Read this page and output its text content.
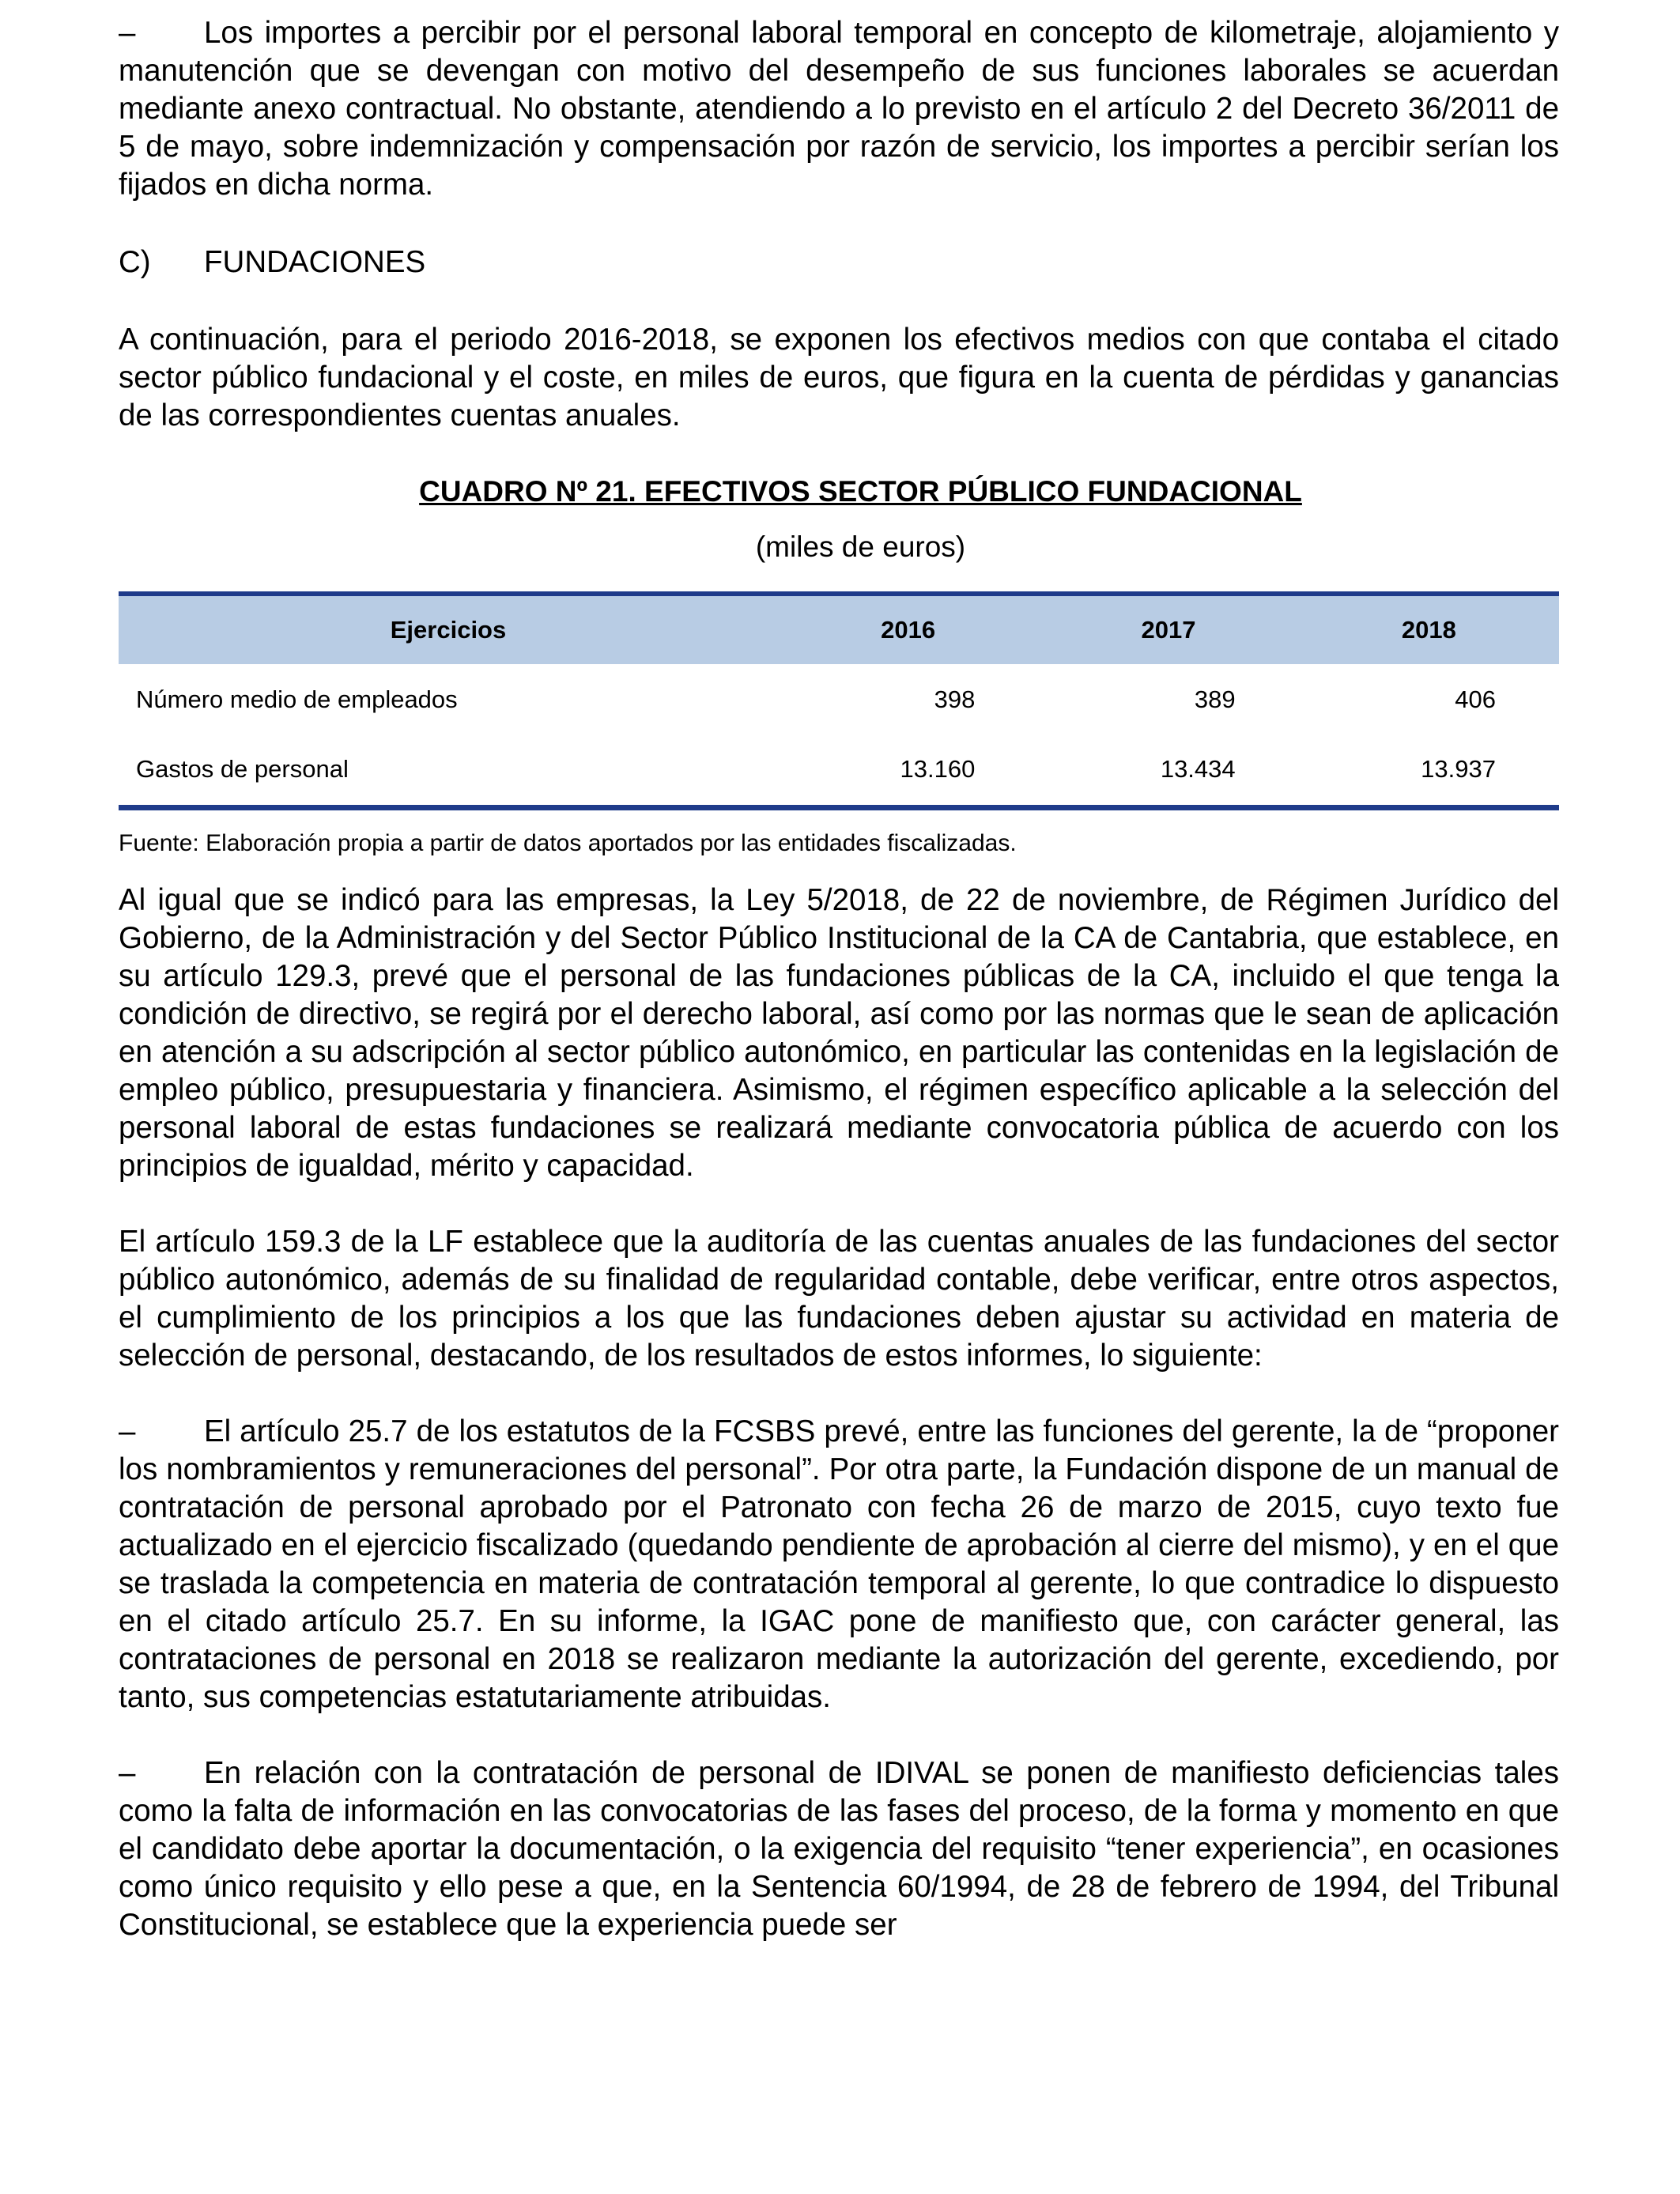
–	Los importes a percibir por el personal laboral temporal en concepto de kilometraje, alojamiento y manutención que se devengan con motivo del desempeño de sus funciones laborales se acuerdan mediante anexo contractual. No obstante, atendiendo a lo previsto en el artículo 2 del Decreto 36/2011 de 5 de mayo, sobre indemnización y compensación por razón de servicio, los importes a percibir serían los fijados en dicha norma.

C)	FUNDACIONES

A continuación, para el periodo 2016-2018, se exponen los efectivos medios con que contaba el citado sector público fundacional y el coste, en miles de euros, que figura en la cuenta de pérdidas y ganancias de las correspondientes cuentas anuales.

CUADRO Nº 21. EFECTIVOS SECTOR PÚBLICO FUNDACIONAL

(miles de euros)

Ejercicios	2016	2017	2018
Número medio de empleados	398	389	406
Gastos de personal	13.160	13.434	13.937

Fuente: Elaboración propia a partir de datos aportados por las entidades fiscalizadas.

Al igual que se indicó para las empresas, la Ley 5/2018, de 22 de noviembre, de Régimen Jurídico del Gobierno, de la Administración y del Sector Público Institucional de la CA de Cantabria, que establece, en su artículo 129.3, prevé que el personal de las fundaciones públicas de la CA, incluido el que tenga la condición de directivo, se regirá por el derecho laboral, así como por las normas que le sean de aplicación en atención a su adscripción al sector público autonómico, en particular las contenidas en la legislación de empleo público, presupuestaria y financiera. Asimismo, el régimen específico aplicable a la selección del personal laboral de estas fundaciones se realizará mediante convocatoria pública de acuerdo con los principios de igualdad, mérito y capacidad.

El artículo 159.3 de la LF establece que la auditoría de las cuentas anuales de las fundaciones del sector público autonómico, además de su finalidad de regularidad contable, debe verificar, entre otros aspectos, el cumplimiento de los principios a los que las fundaciones deben ajustar su actividad en materia de selección de personal, destacando, de los resultados de estos informes, lo siguiente:

–	El artículo 25.7 de los estatutos de la FCSBS prevé, entre las funciones del gerente, la de “proponer los nombramientos y remuneraciones del personal”. Por otra parte, la Fundación dispone de un manual de contratación de personal aprobado por el Patronato con fecha 26 de marzo de 2015, cuyo texto fue actualizado en el ejercicio fiscalizado (quedando pendiente de aprobación al cierre del mismo), y en el que se traslada la competencia en materia de contratación temporal al gerente, lo que contradice lo dispuesto en el citado artículo 25.7. En su informe, la IGAC pone de manifiesto que, con carácter general, las contrataciones de personal en 2018 se realizaron mediante la autorización del gerente, excediendo, por tanto, sus competencias estatutariamente atribuidas.

–	En relación con la contratación de personal de IDIVAL se ponen de manifiesto deficiencias tales como la falta de información en las convocatorias de las fases del proceso, de la forma y momento en que el candidato debe aportar la documentación, o la exigencia del requisito “tener experiencia”, en ocasiones como único requisito y ello pese a que, en la Sentencia 60/1994, de 28 de febrero de 1994, del Tribunal Constitucional, se establece que la experiencia puede ser
